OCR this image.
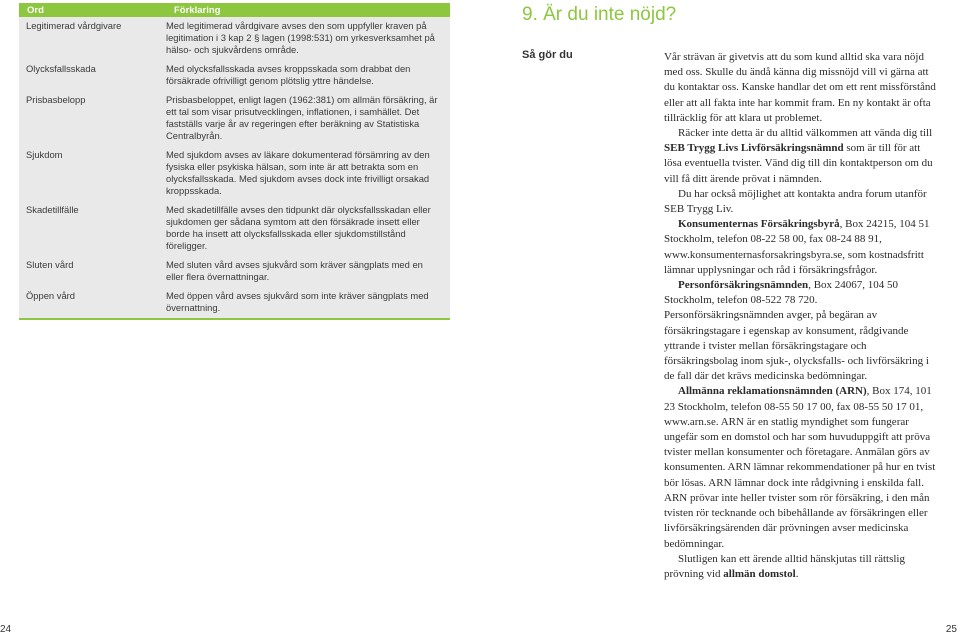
Ord	Förklaring
Legitimerad vårdgivare	Med legitimerad vårdgivare avses den som uppfyller kraven på legitimation i 3 kap 2 § lagen (1998:531) om yrkesverksamhet på hälso- och sjukvårdens område.
Olycksfallsskada	Med olycksfallsskada avses kroppsskada som drabbat den försäkrade ofrivilligt genom plötslig yttre händelse.
Prisbasbelopp	Prisbasbeloppet, enligt lagen (1962:381) om allmän försäkring, är ett tal som visar prisutvecklingen, inflationen, i samhället. Det fastställs varje år av regeringen efter beräkning av Statistiska Centralbyrån.
Sjukdom	Med sjukdom avses av läkare dokumenterad försämring av den fysiska eller psykiska hälsan, som inte är att betrakta som en olycksfallsskada. Med sjukdom avses dock inte frivilligt orsakad kroppsskada.
Skadetillfälle	Med skadetillfälle avses den tidpunkt där olycksfallsskadan eller sjukdomen ger sådana symtom att den försäkrade insett eller borde ha insett att olycksfallsskada eller sjukdomstillstånd föreligger.
Sluten vård	Med sluten vård avses sjukvård som kräver sängplats med en eller flera övernattningar.
Öppen vård	Med öppen vård avses sjukvård som inte kräver sängplats med övernattning.
9. Är du inte nöjd?
Så gör du	Vår strävan är givetvis att du som kund alltid ska vara nöjd med oss. Skulle du ändå känna dig missnöjd vill vi gärna att du kontaktar oss. Kanske handlar det om ett rent missförstånd eller att all fakta inte har kommit fram. En ny kontakt är ofta tillräcklig för att klara ut problemet.

Räcker inte detta är du alltid välkommen att vända dig till SEB Trygg Livs Livförsäkringsnämnd som är till för att lösa eventuella tvister. Vänd dig till din kontaktperson om du vill få ditt ärende prövat i nämnden.

Du har också möjlighet att kontakta andra forum utanför SEB Trygg Liv.

Konsumenternas Försäkringsbyrå, Box 24215, 104 51 Stockholm, telefon 08-22 58 00, fax 08-24 88 91, www.konsumenternasforsakringsbyra.se, som kostnadsfritt lämnar upplysningar och råd i försäkringsfrågor.

Personförsäkringsnämnden, Box 24067, 104 50 Stockholm, telefon 08-522 78 720. Personförsäkringsnämnden avger, på begäran av försäkringstagare i egenskap av konsument, rådgivande yttrande i tvister mellan försäkringstagare och försäkringsbolag inom sjuk-, olycksfalls- och livförsäkring i de fall där det krävs medicinska bedömningar.

Allmänna reklamationsnämnden (ARN), Box 174, 101 23 Stockholm, telefon 08-55 50 17 00, fax 08-55 50 17 01, www.arn.se. ARN är en statlig myndighet som fungerar ungefär som en domstol och har som huvuduppgift att pröva tvister mellan konsumenter och företagare. Anmälan görs av konsumenten. ARN lämnar rekommendationer på hur en tvist bör lösas. ARN lämnar dock inte rådgivning i enskilda fall. ARN prövar inte heller tvister som rör försäkring, i den mån tvisten rör tecknande och bibehållande av försäkringen eller livförsäkringsärenden där prövningen avser medicinska bedömningar.

Slutligen kan ett ärende alltid hänskjutas till rättslig prövning vid allmän domstol.

24	25
